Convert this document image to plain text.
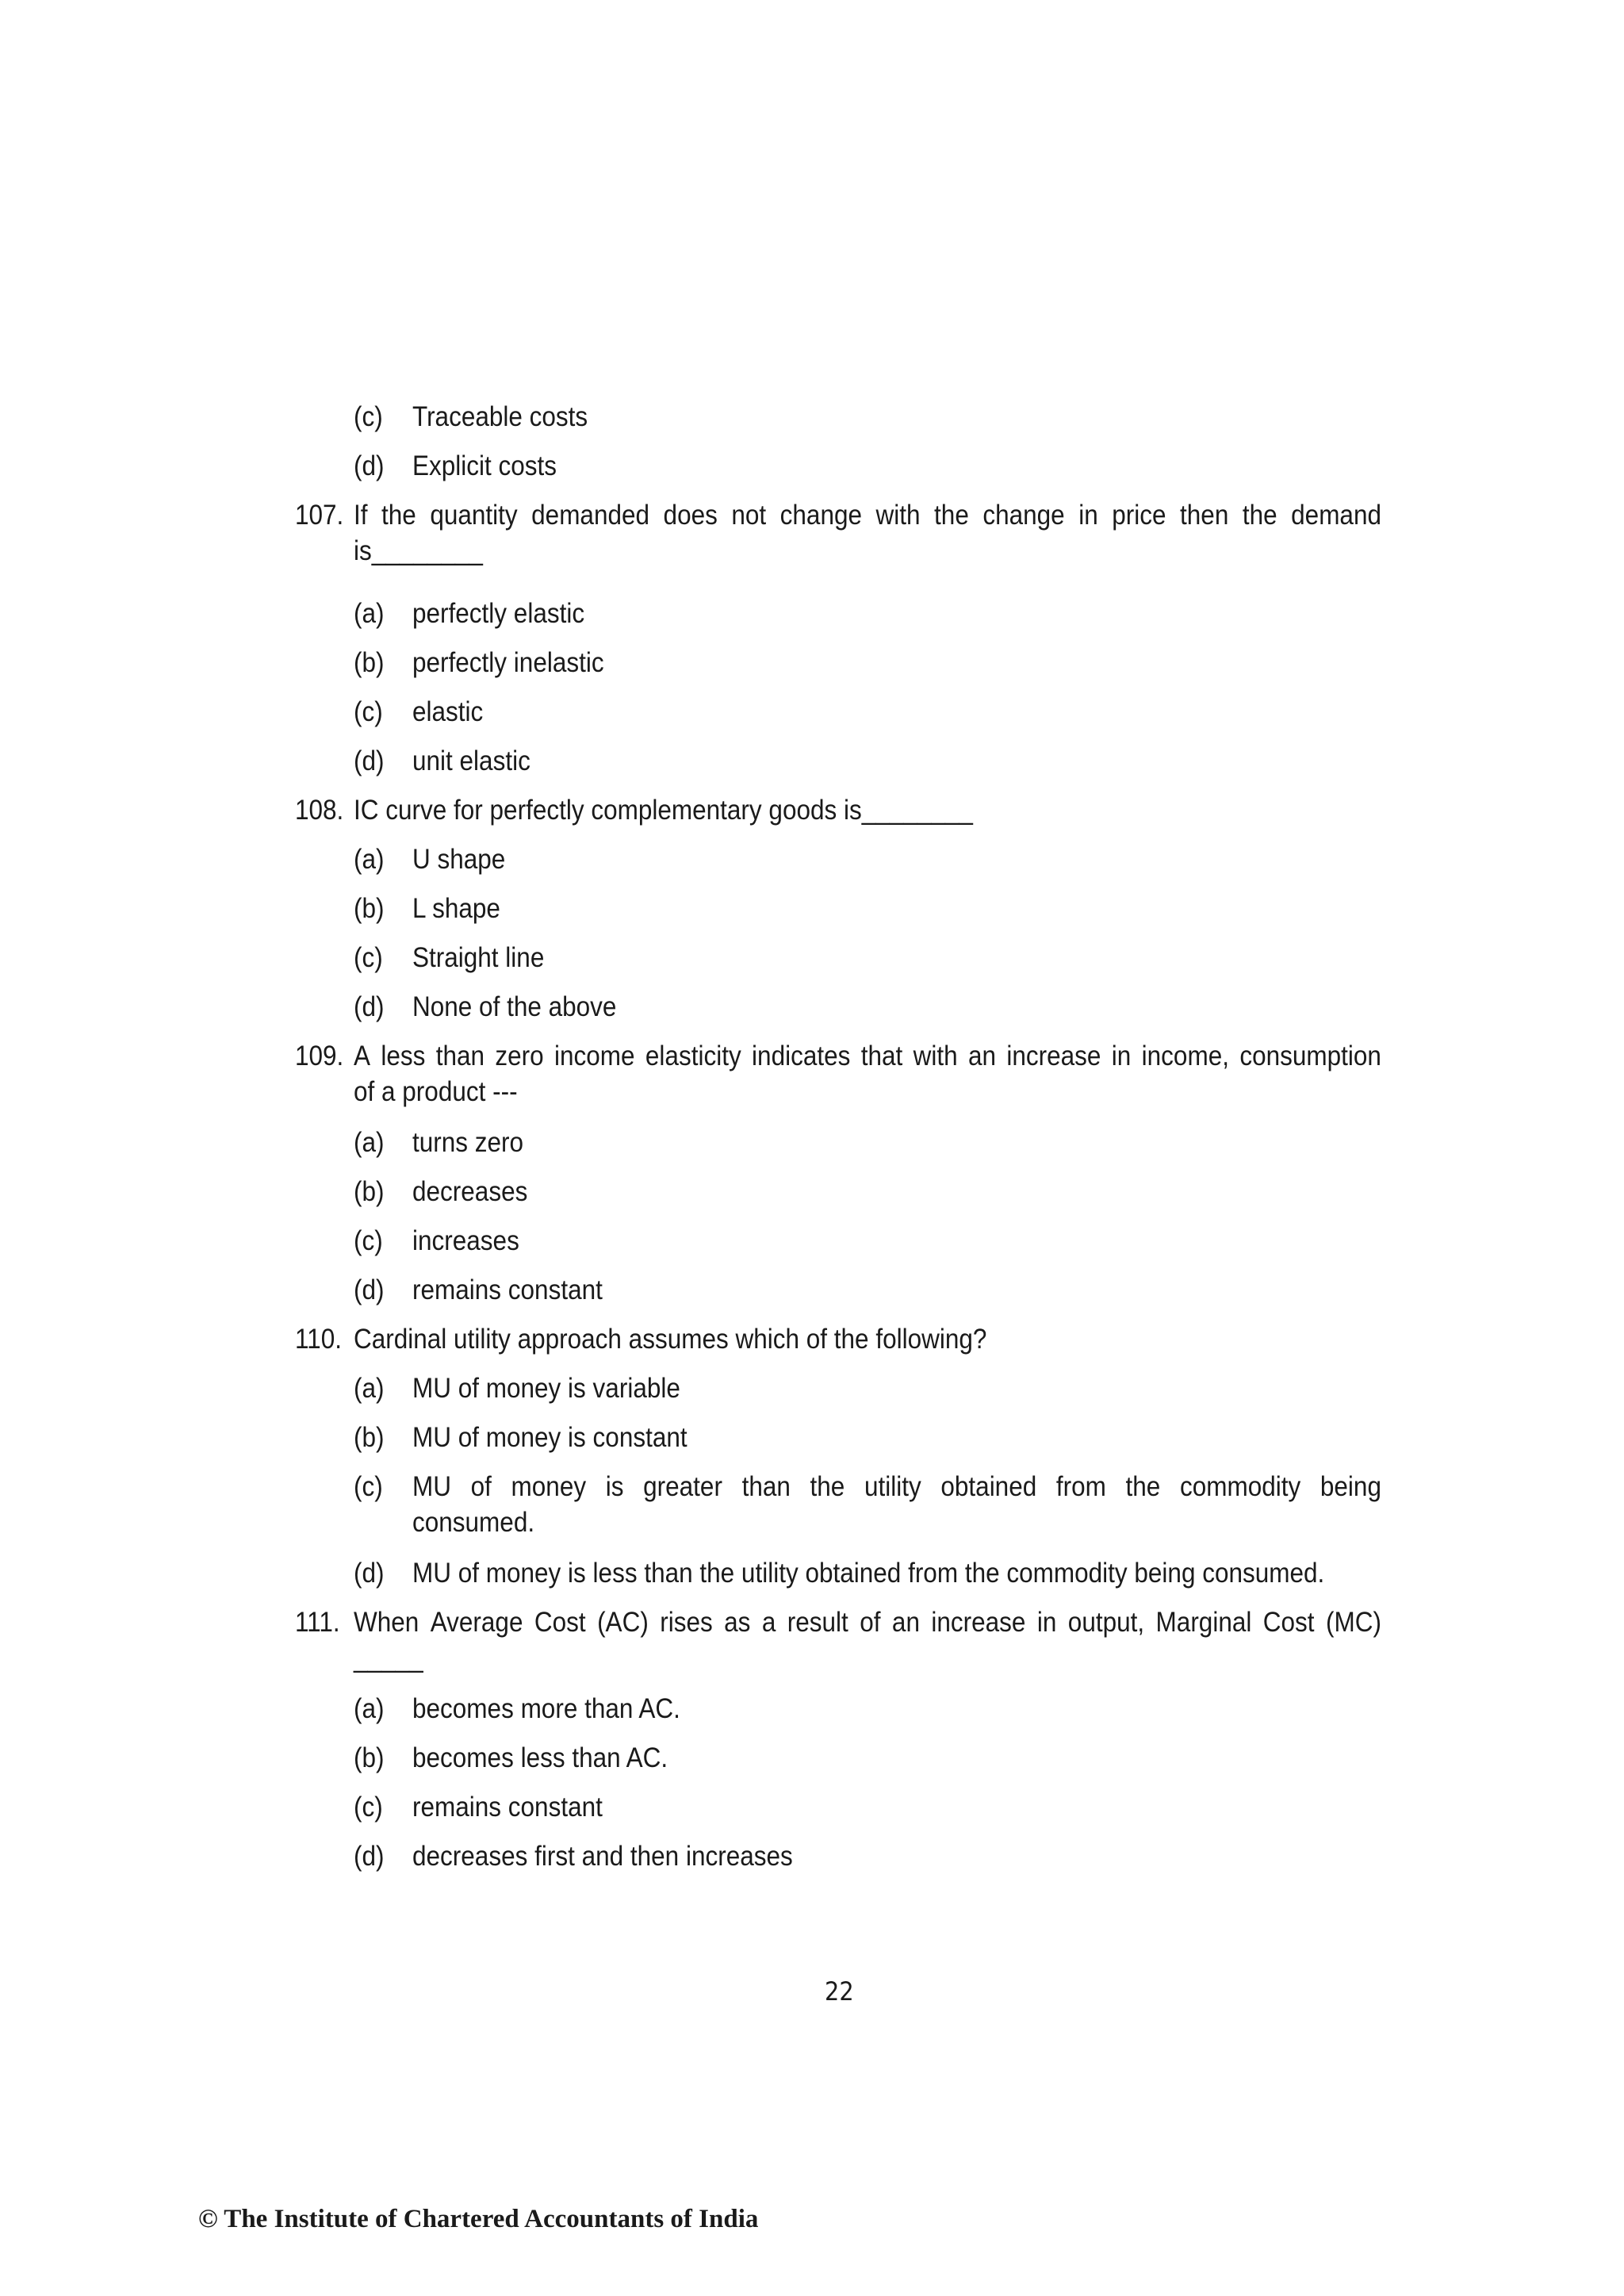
(c) Traceable costs
(d) Explicit costs
107. If the quantity demanded does not change with the change in price then the demand
is________
(a) perfectly elastic
(b) perfectly inelastic
(c) elastic
(d) unit elastic
108. IC curve for perfectly complementary goods is________
(a) U shape
(b) L shape
(c) Straight line
(d) None of the above
109. A less than zero income elasticity indicates that with an increase in income, consumption
of a product ---
(a) turns zero
(b) decreases
(c) increases
(d) remains constant
110. Cardinal utility approach assumes which of the following?
(a) MU of money is variable
(b) MU of money is constant
(c) MU of money is greater than the utility obtained from the commodity being
consumed.
(d) MU of money is less than the utility obtained from the commodity being consumed.
111. When Average Cost (AC) rises as a result of an increase in output, Marginal Cost (MC)
_____
(a) becomes more than AC.
(b) becomes less than AC.
(c) remains constant
(d) decreases first and then increases
22
© The Institute of Chartered Accountants of India
